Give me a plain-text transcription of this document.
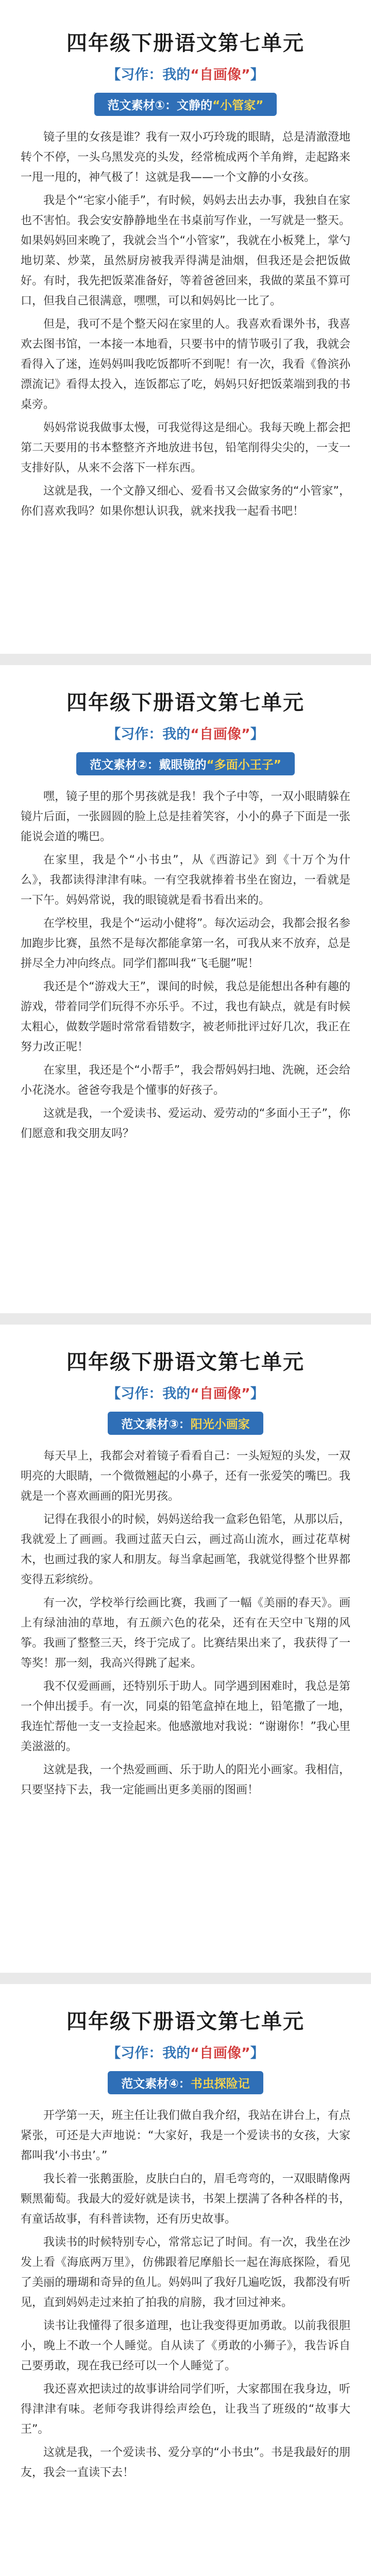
四年级下册语文第七单元
【习作：我的“自画像”】
范文素材①：文静的“小管家”

镜子里的女孩是谁？我有一双小巧玲珑的眼睛，总是清澈澄地转个不停，一头乌黑发亮的头发，经常梳成两个羊角辫，走起路来一甩一甩的，神气极了！这就是我——一个文静的小女孩。

我是个“宅家小能手”，有时候，妈妈去出去办事，我独自在家也不害怕。我会安安静静地坐在书桌前写作业，一写就是一整天。如果妈妈回来晚了，我就会当个“小管家”，我就在小板凳上，掌勺地切菜、炒菜，虽然厨房被我弄得满是油烟，但我还是会把饭做好。有时，我先把饭菜准备好，等着爸爸回来，我做的菜虽不算可口，但我自己很满意，嘿嘿，可以和妈妈比一比了。

但是，我可不是个整天闷在家里的人。我喜欢看课外书，我喜欢去图书馆，一本接一本地看，只要书中的情节吸引了我，我就会看得入了迷，连妈妈叫我吃饭都听不到呢！有一次，我看《鲁滨孙漂流记》看得太投入，连饭都忘了吃，妈妈只好把饭菜端到我的书桌旁。

妈妈常说我做事太慢，可我觉得这是细心。我每天晚上都会把第二天要用的书本整整齐齐地放进书包，铅笔削得尖尖的，一支一支排好队，从来不会落下一样东西。

这就是我，一个文静又细心、爱看书又会做家务的“小管家”，你们喜欢我吗？如果你想认识我，就来找我一起看书吧！

四年级下册语文第七单元
【习作：我的“自画像”】
范文素材②：戴眼镜的“多面小王子”

嘿，镜子里的那个男孩就是我！我个子中等，一双小眼睛躲在镜片后面，一张圆圆的脸上总是挂着笑容，小小的鼻子下面是一张能说会道的嘴巴。

在家里，我是个“小书虫”，从《西游记》到《十万个为什么》，我都读得津津有味。一有空我就捧着书坐在窗边，一看就是一下午。妈妈常说，我的眼镜就是看书看出来的。

在学校里，我是个“运动小健将”。每次运动会，我都会报名参加跑步比赛，虽然不是每次都能拿第一名，可我从来不放弃，总是拼尽全力冲向终点。同学们都叫我“飞毛腿”呢！

我还是个“游戏大王”，课间的时候，我总是能想出各种有趣的游戏，带着同学们玩得不亦乐乎。不过，我也有缺点，就是有时候太粗心，做数学题时常常看错数字，被老师批评过好几次，我正在努力改正呢！

在家里，我还是个“小帮手”，我会帮妈妈扫地、洗碗，还会给小花浇水。爸爸夸我是个懂事的好孩子。

这就是我，一个爱读书、爱运动、爱劳动的“多面小王子”，你们愿意和我交朋友吗？

四年级下册语文第七单元
【习作：我的“自画像”】
范文素材③：阳光小画家

每天早上，我都会对着镜子看看自己：一头短短的头发，一双明亮的大眼睛，一个微微翘起的小鼻子，还有一张爱笑的嘴巴。我就是一个喜欢画画的阳光男孩。

记得在我很小的时候，妈妈送给我一盒彩色铅笔，从那以后，我就爱上了画画。我画过蓝天白云，画过高山流水，画过花草树木，也画过我的家人和朋友。每当拿起画笔，我就觉得整个世界都变得五彩缤纷。

有一次，学校举行绘画比赛，我画了一幅《美丽的春天》。画上有绿油油的草地，有五颜六色的花朵，还有在天空中飞翔的风筝。我画了整整三天，终于完成了。比赛结果出来了，我获得了一等奖！那一刻，我高兴得跳了起来。

我不仅爱画画，还特别乐于助人。同学遇到困难时，我总是第一个伸出援手。有一次，同桌的铅笔盒掉在地上，铅笔撒了一地，我连忙帮他一支一支捡起来。他感激地对我说：“谢谢你！”我心里美滋滋的。

这就是我，一个热爱画画、乐于助人的阳光小画家。我相信，只要坚持下去，我一定能画出更多美丽的图画！

四年级下册语文第七单元
【习作：我的“自画像”】
范文素材④：书虫探险记

开学第一天，班主任让我们做自我介绍，我站在讲台上，有点紧张，可还是大声地说：“大家好，我是一个爱读书的女孩，大家都叫我‘小书虫’。”

我长着一张鹅蛋脸，皮肤白白的，眉毛弯弯的，一双眼睛像两颗黑葡萄。我最大的爱好就是读书，书架上摆满了各种各样的书，有童话故事，有科普读物，还有历史故事。

我读书的时候特别专心，常常忘记了时间。有一次，我坐在沙发上看《海底两万里》，仿佛跟着尼摩船长一起在海底探险，看见了美丽的珊瑚和奇异的鱼儿。妈妈叫了我好几遍吃饭，我都没有听见，直到妈妈走过来拍了拍我的肩膀，我才回过神来。

读书让我懂得了很多道理，也让我变得更加勇敢。以前我很胆小，晚上不敢一个人睡觉。自从读了《勇敢的小狮子》，我告诉自己要勇敢，现在我已经可以一个人睡觉了。

我还喜欢把读过的故事讲给同学们听，大家都围在我身边，听得津津有味。老师夸我讲得绘声绘色，让我当了班级的“故事大王”。

这就是我，一个爱读书、爱分享的“小书虫”。书是我最好的朋友，我会一直读下去！
